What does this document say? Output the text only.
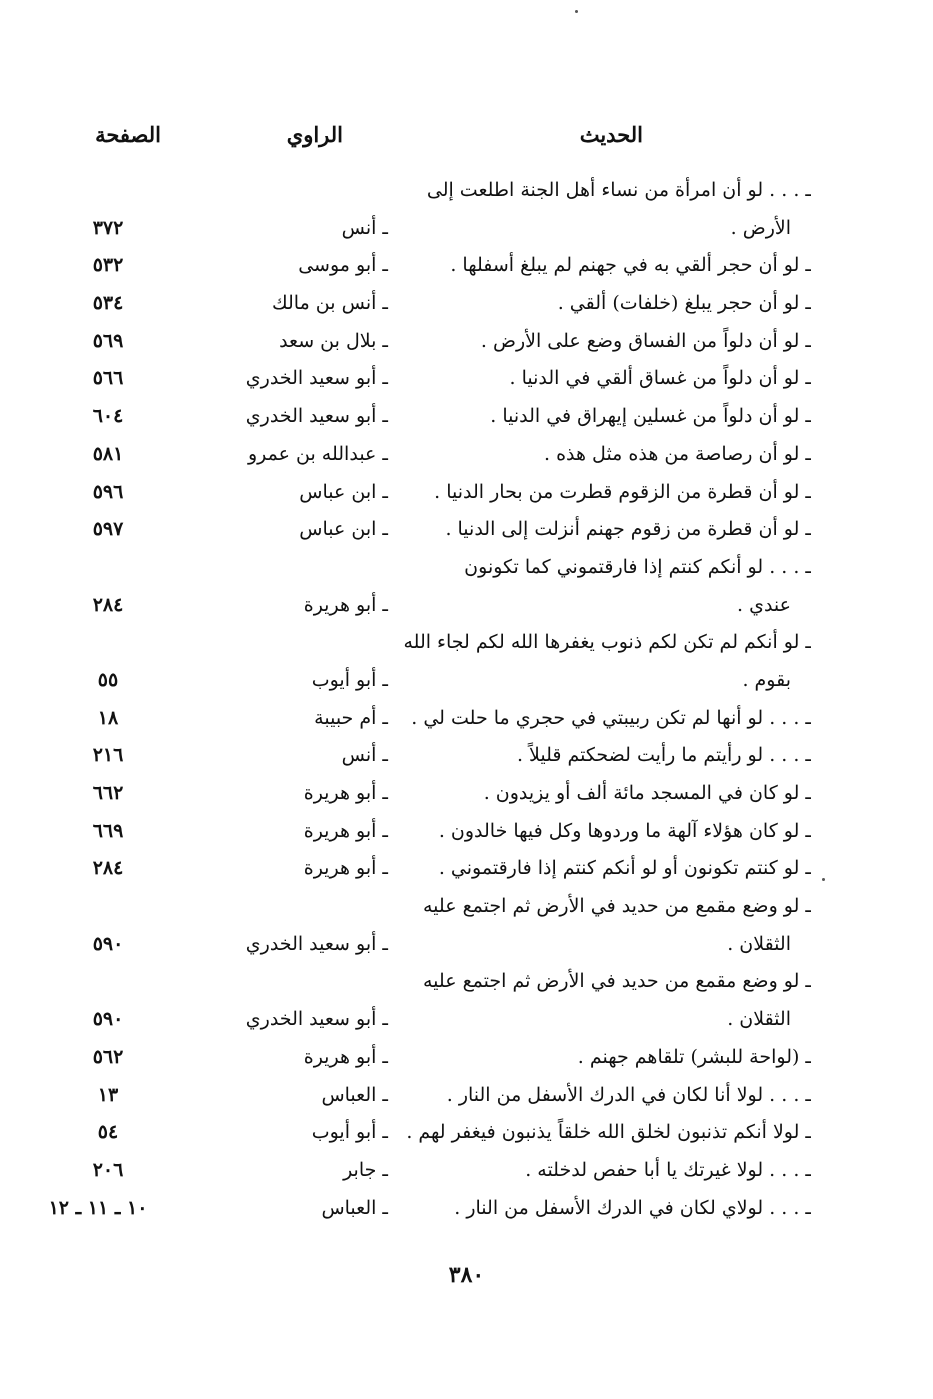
الحديث
الراوي
الصفحة
ـ . . . لو أن امرأة من نساء أهل الجنة اطلعت إلى
الأرض .
ـ أنس
٣٧٢
ـ لو أن حجر ألقي به في جهنم لم يبلغ أسفلها .
ـ أبو موسى
٥٣٢
ـ لو أن حجر يبلغ (خلفات) ألقي .
ـ أنس بن مالك
٥٣٤
ـ لو أن دلواً من الفساق وضع على الأرض .
ـ بلال بن سعد
٥٦٩
ـ لو أن دلواً من غساق ألقي في الدنيا .
ـ أبو سعيد الخدري
٥٦٦
ـ لو أن دلواً من غسلين إيهراق في الدنيا .
ـ أبو سعيد الخدري
٦٠٤
ـ لو أن رصاصة من هذه مثل هذه .
ـ عبدالله بن عمرو
٥٨١
ـ لو أن قطرة من الزقوم قطرت من بحار الدنيا .
ـ ابن عباس
٥٩٦
ـ لو أن قطرة من زقوم جهنم أنزلت إلى الدنيا .
ـ ابن عباس
٥٩٧
ـ . . . لو أنكم كنتم إذا فارقتموني كما تكونون
عندي .
ـ أبو هريرة
٢٨٤
ـ لو أنكم لم تكن لكم ذنوب يغفرها الله لكم لجاء الله
بقوم .
ـ أبو أيوب
٥٥
ـ . . . لو أنها لم تكن ربيبتي في حجري ما حلت لي .
ـ أم حبيبة
١٨
ـ . . . لو رأيتم ما رأيت لضحكتم قليلاً .
ـ أنس
٢١٦
ـ لو كان في المسجد مائة ألف أو يزيدون .
ـ أبو هريرة
٦٦٢
ـ لو كان هؤلاء آلهة ما وردوها وكل فيها خالدون .
ـ أبو هريرة
٦٦٩
ـ لو كنتم تكونون أو لو أنكم كنتم إذا فارقتموني .
ـ أبو هريرة
٢٨٤
ـ لو وضع مقمع من حديد في الأرض ثم اجتمع عليه
الثقلان .
ـ أبو سعيد الخدري
٥٩٠
ـ لو وضع مقمع من حديد في الأرض ثم اجتمع عليه
الثقلان .
ـ أبو سعيد الخدري
٥٩٠
ـ (لواحة للبشر) تلقاهم جهنم .
ـ أبو هريرة
٥٦٢
ـ . . . لولا أنا لكان في الدرك الأسفل من النار .
ـ العباس
١٣
ـ لولا أنكم تذنبون لخلق الله خلقاً يذنبون فيغفر لهم .
ـ أبو أيوب
٥٤
ـ . . . لولا غيرتك يا أبا حفص لدخلته .
ـ جابر
٢٠٦
ـ . . . لولاي لكان في الدرك الأسفل من النار .
ـ العباس
١٠ ـ ١١ ـ ١٢
٣٨٠
